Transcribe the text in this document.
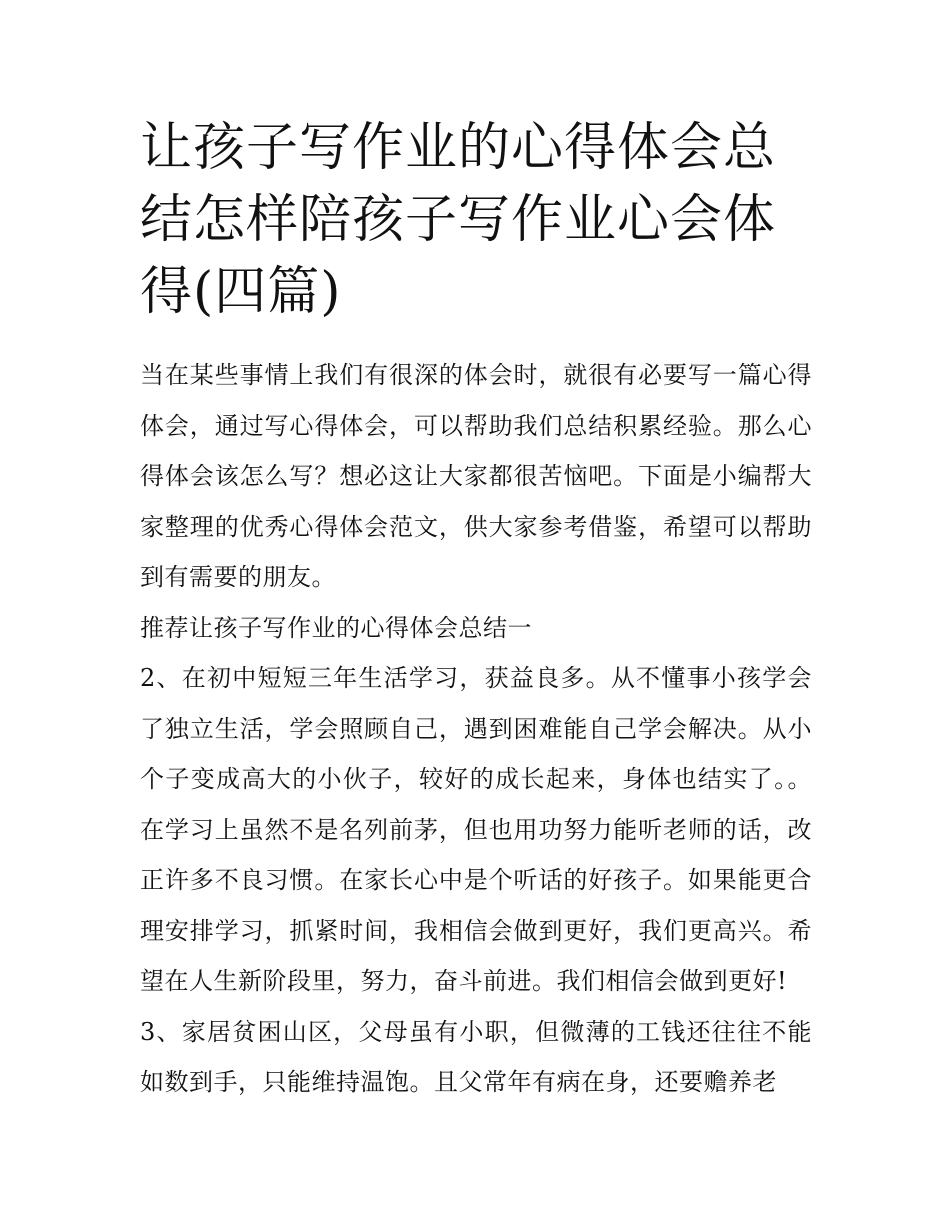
让孩子写作业的心得体会总结怎样陪孩子写作业心会体得(四篇)

当在某些事情上我们有很深的体会时，就很有必要写一篇心得体会，通过写心得体会，可以帮助我们总结积累经验。那么心得体会该怎么写？想必这让大家都很苦恼吧。下面是小编帮大家整理的优秀心得体会范文，供大家参考借鉴，希望可以帮助到有需要的朋友。

推荐让孩子写作业的心得体会总结一

2、在初中短短三年生活学习，获益良多。从不懂事小孩学会了独立生活，学会照顾自己，遇到困难能自己学会解决。从小个子变成高大的小伙子，较好的成长起来，身体也结实了。。在学习上虽然不是名列前茅，但也用功努力能听老师的话，改正许多不良习惯。在家长心中是个听话的好孩子。如果能更合理安排学习，抓紧时间，我相信会做到更好，我们更高兴。希望在人生新阶段里，努力，奋斗前进。我们相信会做到更好!

3、家居贫困山区，父母虽有小职，但微薄的工钱还往往不能如数到手，只能维持温饱。且父常年有病在身，还要赡养老
